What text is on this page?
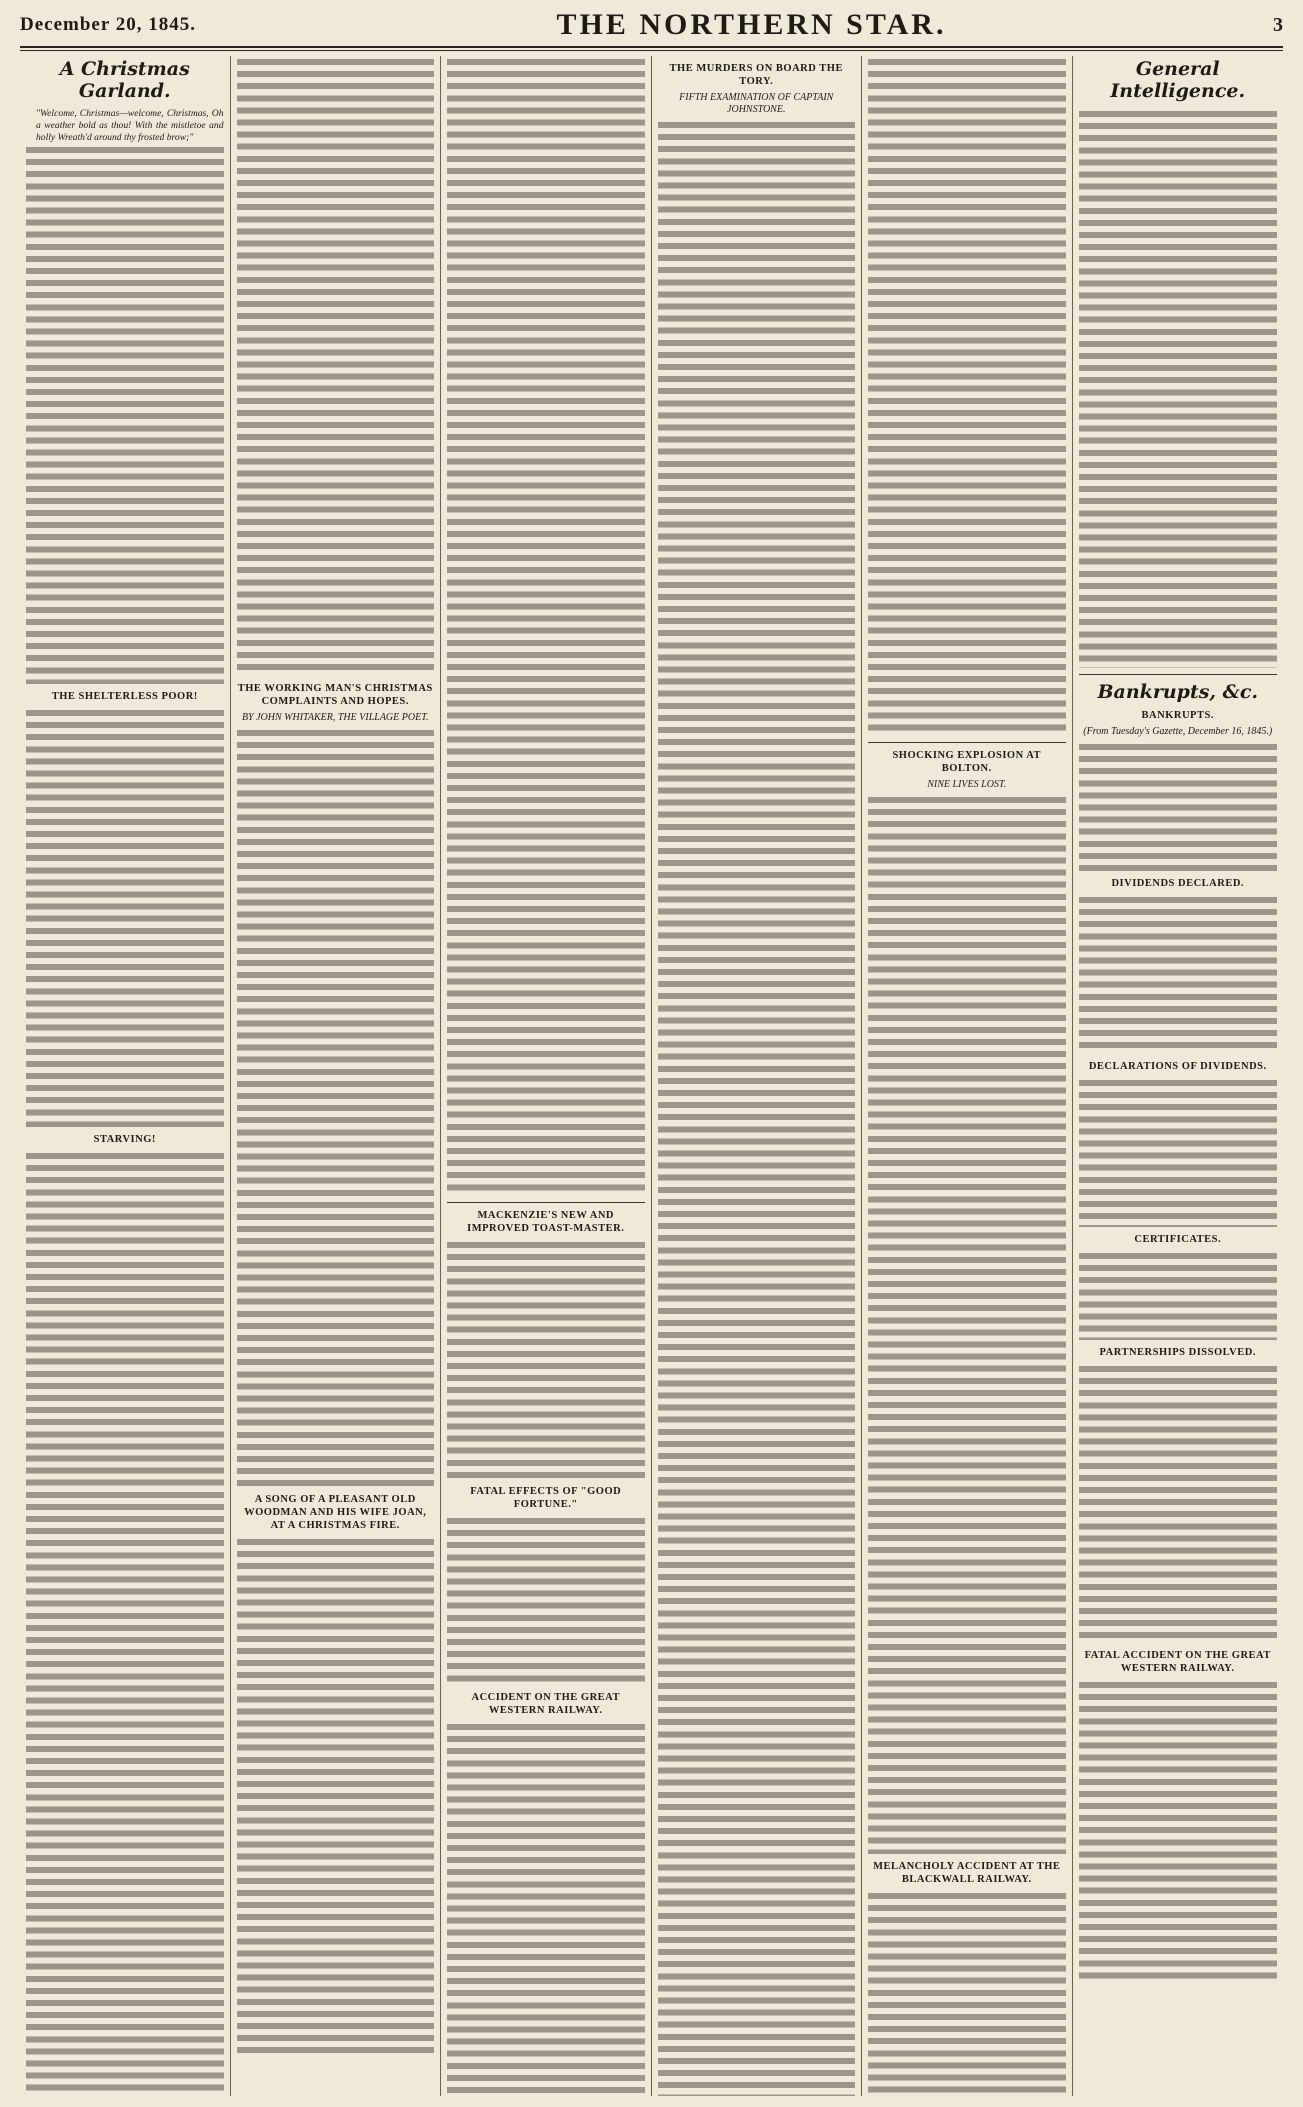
December 20, 1845.	THE NORTHERN STAR.	3
A Christmas Garland.
"Welcome, Christmas—welcome, Christmas, Oh a weather bold as thou! With the mistletoe and holly Wreath'd around thy frosted brow;"
THE SHELTERLESS POOR!
STARVING!
THE WORKING MAN'S CHRISTMAS COMPLAINTS AND HOPES.
BY JOHN WHITAKER, THE VILLAGE POET.
A SONG OF A PLEASANT OLD WOODMAN AND HIS WIFE JOAN, AT A CHRISTMAS FIRE.
MACKENZIE'S NEW AND IMPROVED TOAST-MASTER.
FATAL EFFECTS OF "GOOD FORTUNE."
ACCIDENT ON THE GREAT WESTERN RAILWAY.
THE MURDERS ON BOARD THE TORY.
FIFTH EXAMINATION OF CAPTAIN JOHNSTONE.
SHOCKING EXPLOSION AT BOLTON.
NINE LIVES LOST.
MELANCHOLY ACCIDENT AT THE BLACKWALL RAILWAY.
General Intelligence.
Bankrupts, &c.
BANKRUPTS.
(From Tuesday's Gazette, December 16, 1845.)
DIVIDENDS DECLARED.
DECLARATIONS OF DIVIDENDS.
CERTIFICATES.
PARTNERSHIPS DISSOLVED.
FATAL ACCIDENT ON THE GREAT WESTERN RAILWAY.
